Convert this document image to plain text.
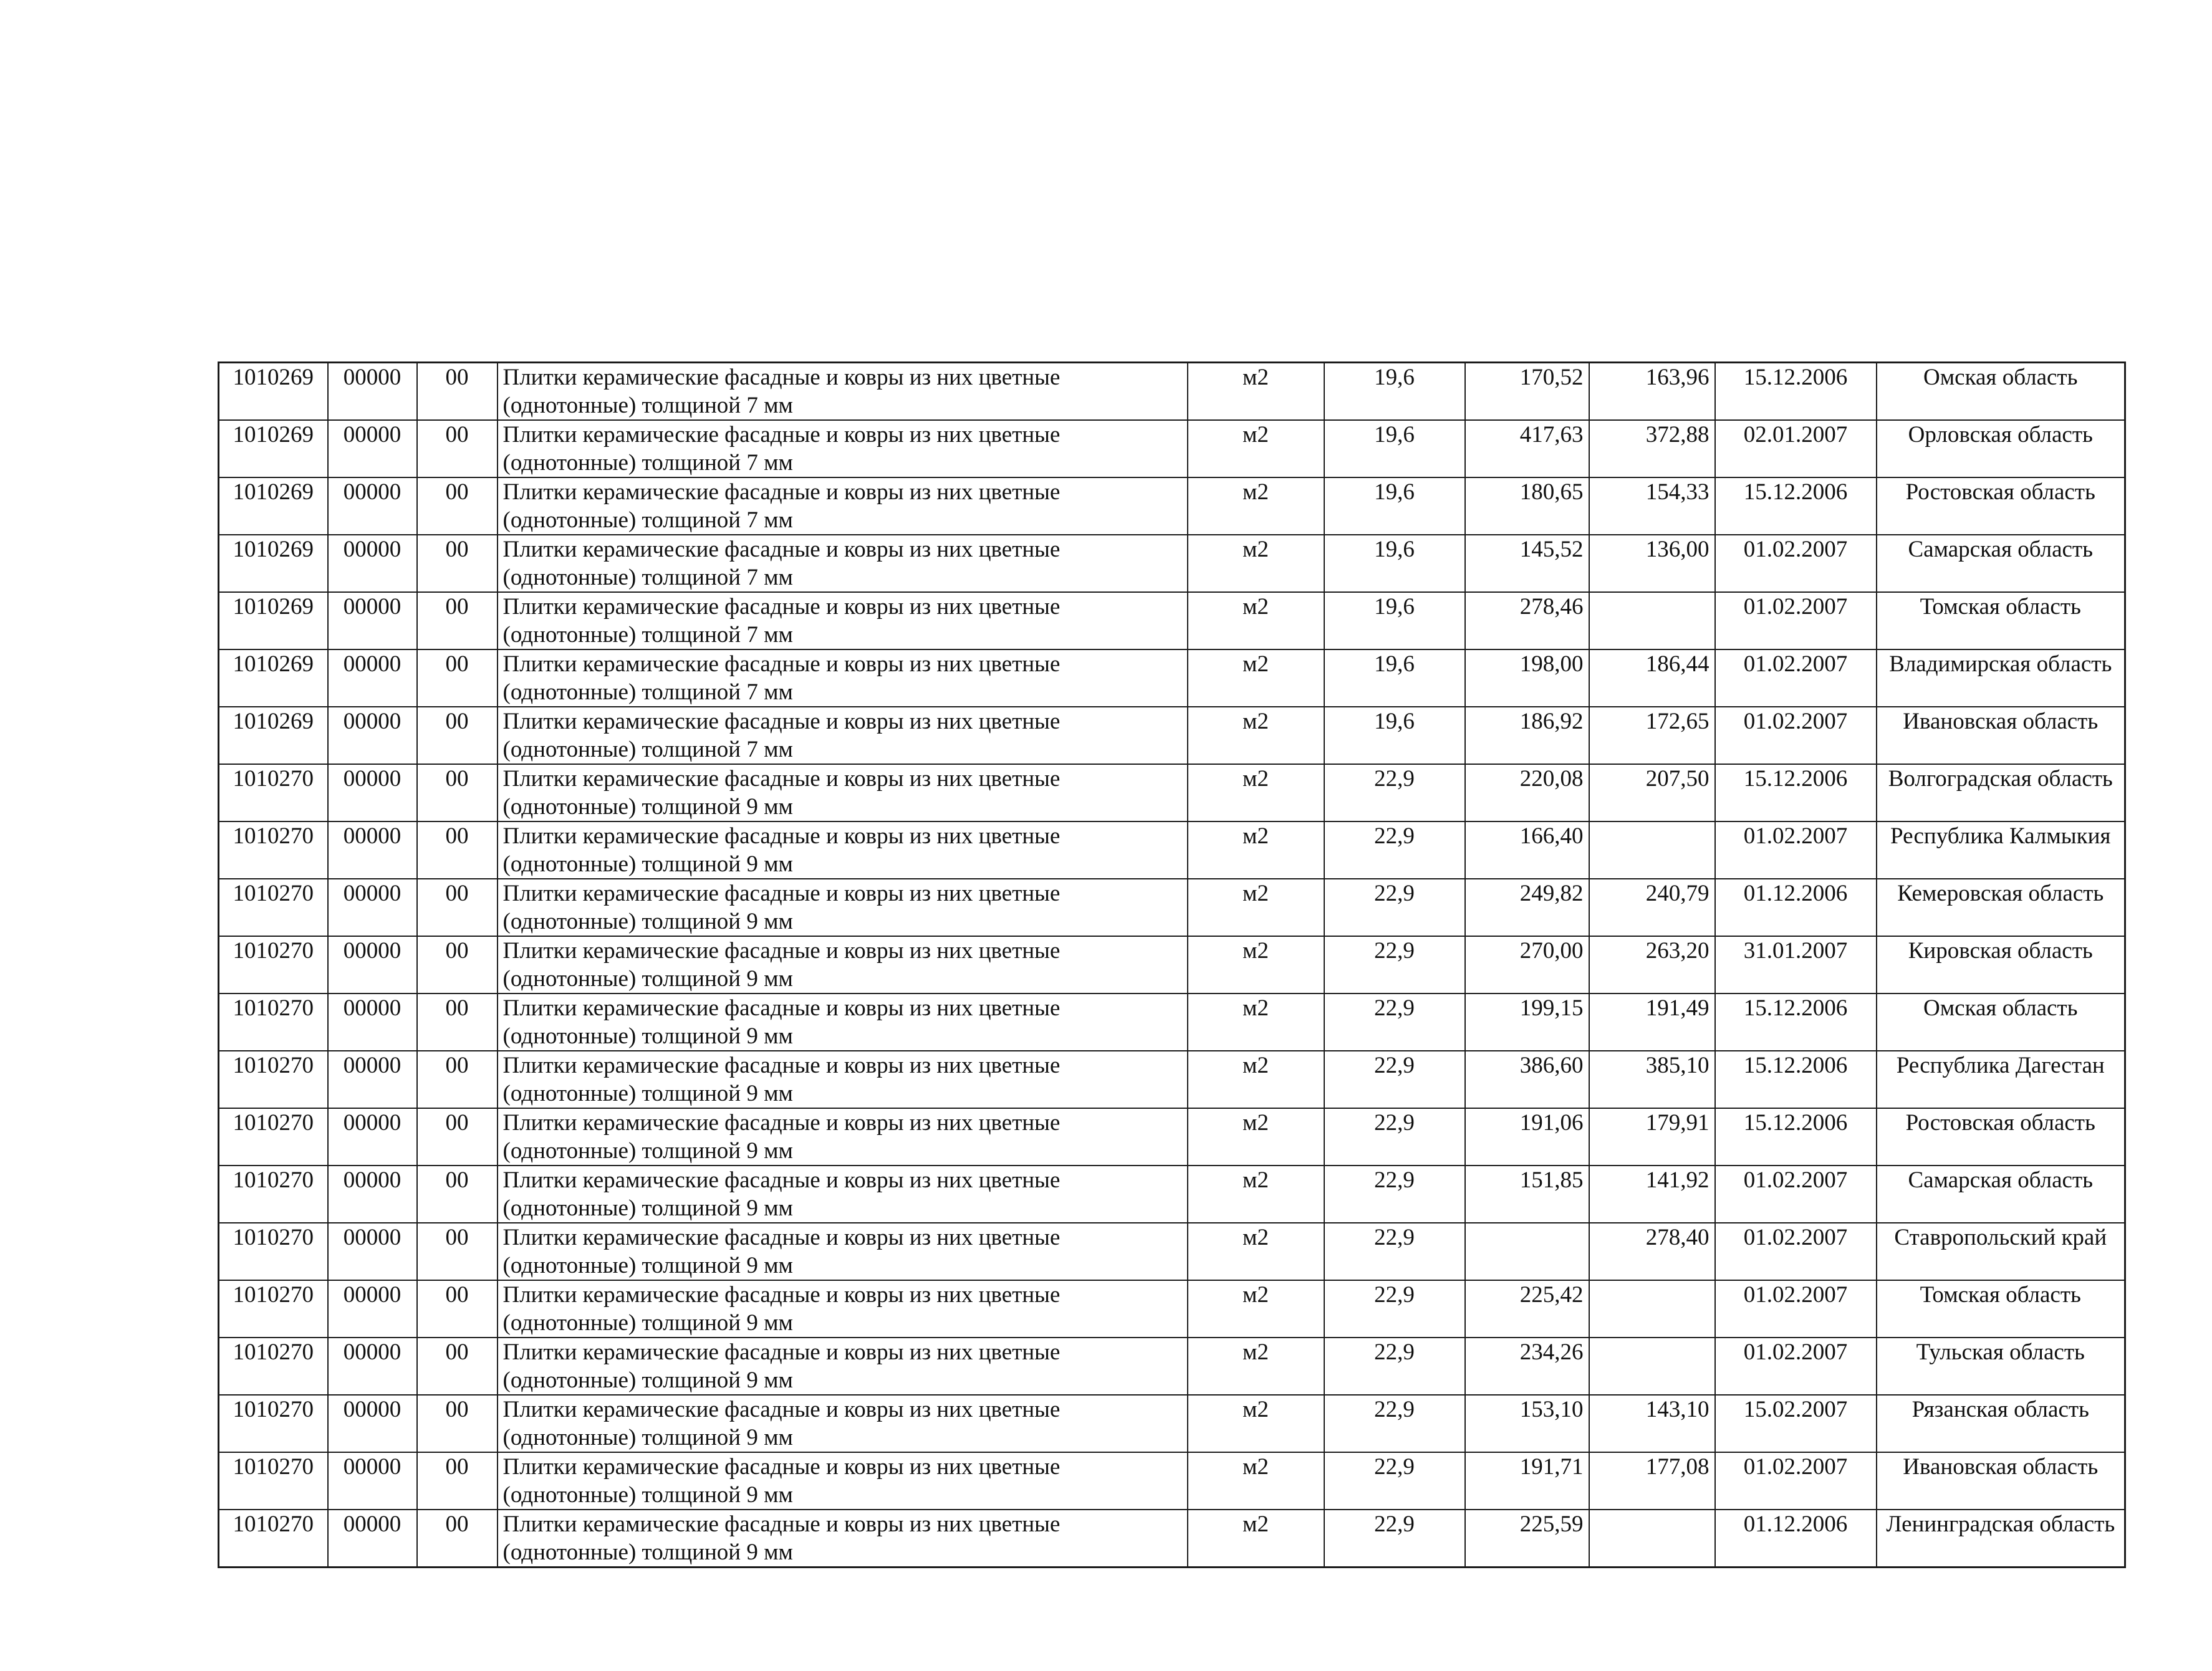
1010269	00000	00	Плитки керамические фасадные и ковры из них цветные (однотонные) толщиной 7 мм	м2	19,6	170,52	163,96	15.12.2006	Омская область
1010269	00000	00	Плитки керамические фасадные и ковры из них цветные (однотонные) толщиной 7 мм	м2	19,6	417,63	372,88	02.01.2007	Орловская область
1010269	00000	00	Плитки керамические фасадные и ковры из них цветные (однотонные) толщиной 7 мм	м2	19,6	180,65	154,33	15.12.2006	Ростовская область
1010269	00000	00	Плитки керамические фасадные и ковры из них цветные (однотонные) толщиной 7 мм	м2	19,6	145,52	136,00	01.02.2007	Самарская область
1010269	00000	00	Плитки керамические фасадные и ковры из них цветные (однотонные) толщиной 7 мм	м2	19,6	278,46		01.02.2007	Томская область
1010269	00000	00	Плитки керамические фасадные и ковры из них цветные (однотонные) толщиной 7 мм	м2	19,6	198,00	186,44	01.02.2007	Владимирская область
1010269	00000	00	Плитки керамические фасадные и ковры из них цветные (однотонные) толщиной 7 мм	м2	19,6	186,92	172,65	01.02.2007	Ивановская область
1010270	00000	00	Плитки керамические фасадные и ковры из них цветные (однотонные) толщиной 9 мм	м2	22,9	220,08	207,50	15.12.2006	Волгоградская область
1010270	00000	00	Плитки керамические фасадные и ковры из них цветные (однотонные) толщиной 9 мм	м2	22,9	166,40		01.02.2007	Республика Калмыкия
1010270	00000	00	Плитки керамические фасадные и ковры из них цветные (однотонные) толщиной 9 мм	м2	22,9	249,82	240,79	01.12.2006	Кемеровская область
1010270	00000	00	Плитки керамические фасадные и ковры из них цветные (однотонные) толщиной 9 мм	м2	22,9	270,00	263,20	31.01.2007	Кировская область
1010270	00000	00	Плитки керамические фасадные и ковры из них цветные (однотонные) толщиной 9 мм	м2	22,9	199,15	191,49	15.12.2006	Омская область
1010270	00000	00	Плитки керамические фасадные и ковры из них цветные (однотонные) толщиной 9 мм	м2	22,9	386,60	385,10	15.12.2006	Республика Дагестан
1010270	00000	00	Плитки керамические фасадные и ковры из них цветные (однотонные) толщиной 9 мм	м2	22,9	191,06	179,91	15.12.2006	Ростовская область
1010270	00000	00	Плитки керамические фасадные и ковры из них цветные (однотонные) толщиной 9 мм	м2	22,9	151,85	141,92	01.02.2007	Самарская область
1010270	00000	00	Плитки керамические фасадные и ковры из них цветные (однотонные) толщиной 9 мм	м2	22,9		278,40	01.02.2007	Ставропольский край
1010270	00000	00	Плитки керамические фасадные и ковры из них цветные (однотонные) толщиной 9 мм	м2	22,9	225,42		01.02.2007	Томская область
1010270	00000	00	Плитки керамические фасадные и ковры из них цветные (однотонные) толщиной 9 мм	м2	22,9	234,26		01.02.2007	Тульская область
1010270	00000	00	Плитки керамические фасадные и ковры из них цветные (однотонные) толщиной 9 мм	м2	22,9	153,10	143,10	15.02.2007	Рязанская область
1010270	00000	00	Плитки керамические фасадные и ковры из них цветные (однотонные) толщиной 9 мм	м2	22,9	191,71	177,08	01.02.2007	Ивановская область
1010270	00000	00	Плитки керамические фасадные и ковры из них цветные (однотонные) толщиной 9 мм	м2	22,9	225,59		01.12.2006	Ленинградская область
